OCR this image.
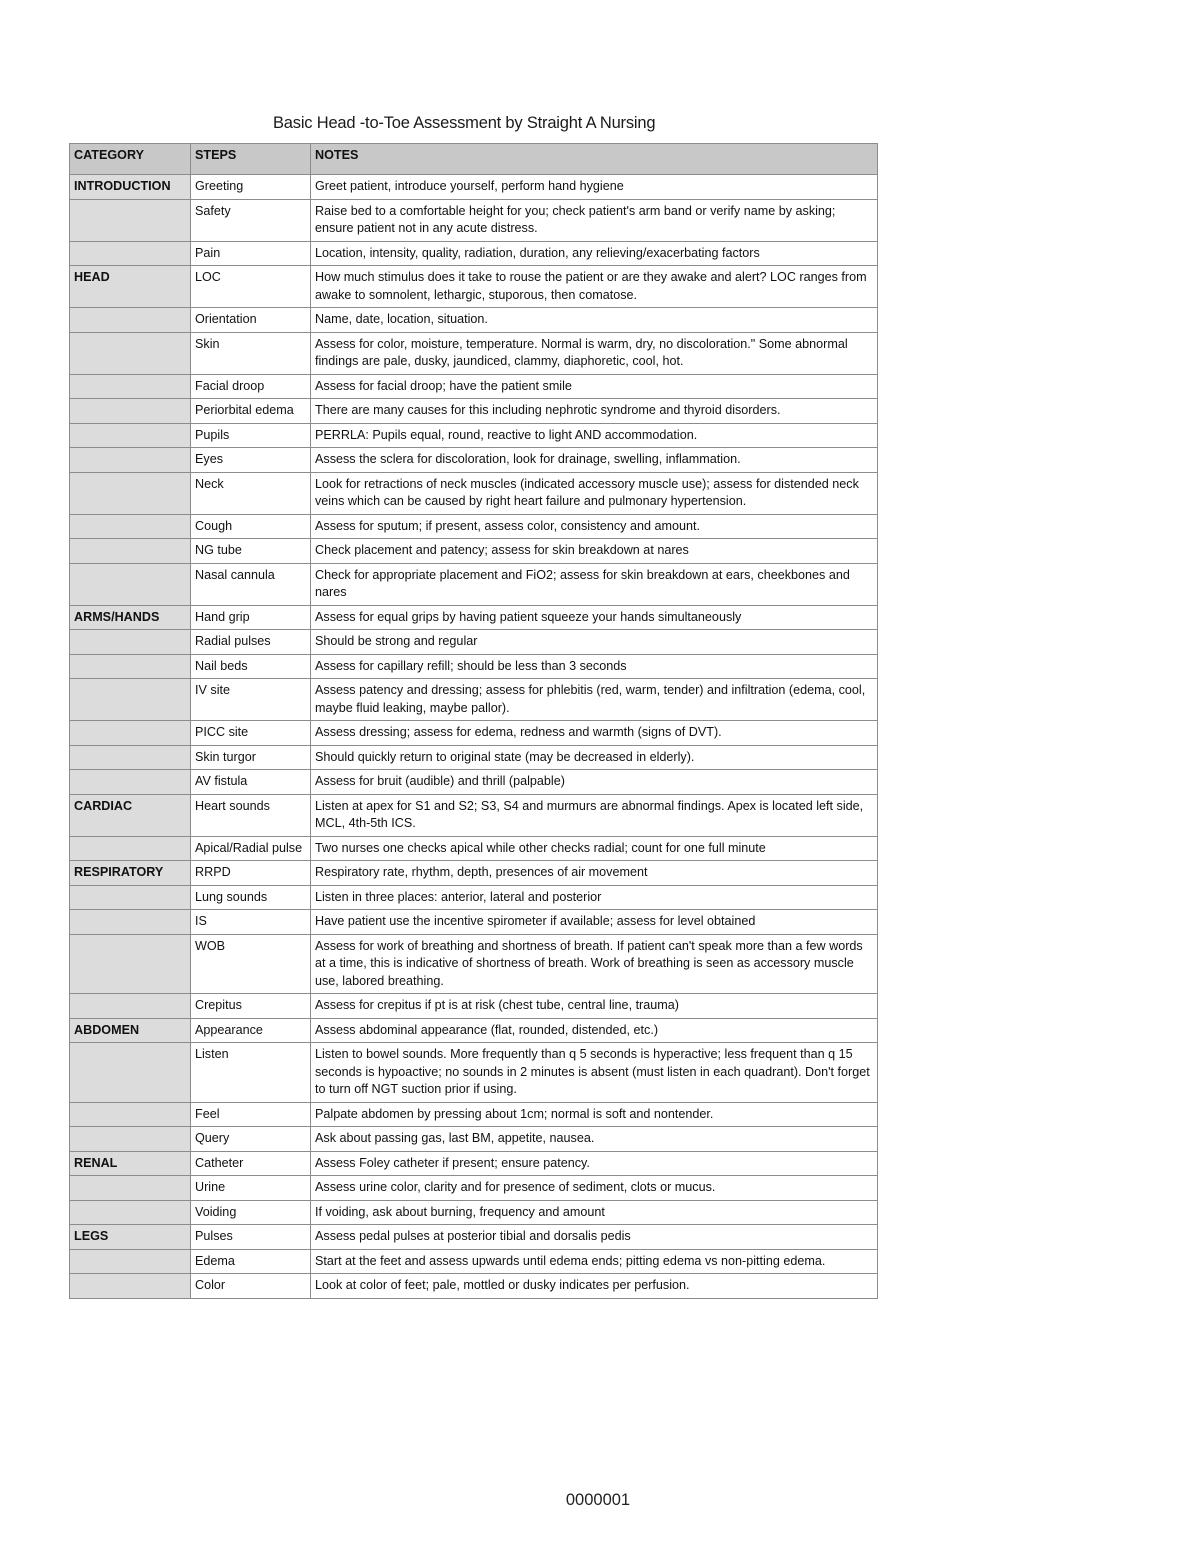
Basic Head -to-Toe Assessment by Straight A Nursing
CATEGORY	STEPS	NOTES
INTRODUCTION	Greeting	Greet patient, introduce yourself, perform hand hygiene
	Safety	Raise bed to a comfortable height for you; check patient's arm band or verify name by asking; ensure patient not in any acute distress.
	Pain	Location, intensity, quality, radiation, duration, any relieving/exacerbating factors
HEAD	LOC	How much stimulus does it take to rouse the patient or are they awake and alert? LOC ranges from awake to somnolent, lethargic, stuporous, then comatose.
	Orientation	Name, date, location, situation.
	Skin	Assess for color, moisture, temperature. Normal is warm, dry, no discoloration." Some abnormal findings are pale, dusky, jaundiced, clammy, diaphoretic, cool, hot.
	Facial droop	Assess for facial droop; have the patient smile
	Periorbital edema	There are many causes for this including nephrotic syndrome and thyroid disorders.
	Pupils	PERRLA: Pupils equal, round, reactive to light AND accommodation.
	Eyes	Assess the sclera for discoloration, look for drainage, swelling, inflammation.
	Neck	Look for retractions of neck muscles (indicated accessory muscle use); assess for distended neck veins which can be caused by right heart failure and pulmonary hypertension.
	Cough	Assess for sputum; if present, assess color, consistency and amount.
	NG tube	Check placement and patency; assess for skin breakdown at nares
	Nasal cannula	Check for appropriate placement and FiO2; assess for skin breakdown at ears, cheekbones and nares
ARMS/HANDS	Hand grip	Assess for equal grips by having patient squeeze your hands simultaneously
	Radial pulses	Should be strong and regular
	Nail beds	Assess for capillary refill; should be less than 3 seconds
	IV site	Assess patency and dressing; assess for phlebitis (red, warm, tender) and infiltration (edema, cool, maybe fluid leaking, maybe pallor).
	PICC site	Assess dressing; assess for edema, redness and warmth (signs of DVT).
	Skin turgor	Should quickly return to original state (may be decreased in elderly).
	AV fistula	Assess for bruit (audible) and thrill (palpable)
CARDIAC	Heart sounds	Listen at apex for S1 and S2; S3, S4 and murmurs are abnormal findings. Apex is located left side, MCL, 4th-5th ICS.
	Apical/Radial pulse	Two nurses one checks apical while other checks radial; count for one full minute
RESPIRATORY	RRPD	Respiratory rate, rhythm, depth, presences of air movement
	Lung sounds	Listen in three places: anterior, lateral and posterior
	IS	Have patient use the incentive spirometer if available; assess for level obtained
	WOB	Assess for work of breathing and shortness of breath. If patient can't speak more than a few words at a time, this is indicative of shortness of breath. Work of breathing is seen as accessory muscle use, labored breathing.
	Crepitus	Assess for crepitus if pt is at risk (chest tube, central line, trauma)
ABDOMEN	Appearance	Assess abdominal appearance (flat, rounded, distended, etc.)
	Listen	Listen to bowel sounds. More frequently than q 5 seconds is hyperactive; less frequent than q 15 seconds is hypoactive; no sounds in 2 minutes is absent (must listen in each quadrant). Don't forget to turn off NGT suction prior if using.
	Feel	Palpate abdomen by pressing about 1cm; normal is soft and nontender.
	Query	Ask about passing gas, last BM, appetite, nausea.
RENAL	Catheter	Assess Foley catheter if present; ensure patency.
	Urine	Assess urine color, clarity and for presence of sediment, clots or mucus.
	Voiding	If voiding, ask about burning, frequency and amount
LEGS	Pulses	Assess pedal pulses at posterior tibial and dorsalis pedis
	Edema	Start at the feet and assess upwards until edema ends; pitting edema vs non-pitting edema.
	Color	Look at color of feet; pale, mottled or dusky indicates per perfusion.
0000001
